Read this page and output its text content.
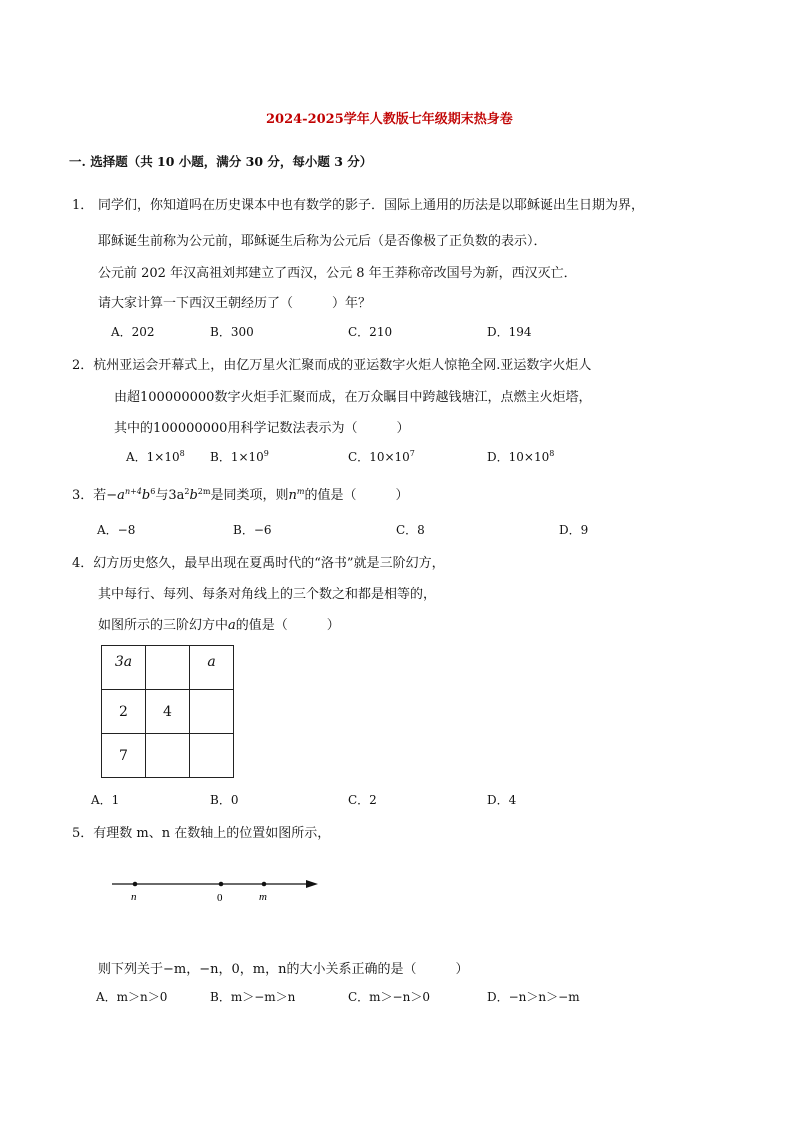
2024-2025学年人教版七年级期末热身卷
一. 选择题（共 10 小题，满分 30 分，每小题 3 分）
1． 同学们，你知道吗在历史课本中也有数学的影子．国际上通用的历法是以耶稣诞出生日期为界，
耶稣诞生前称为公元前，耶稣诞生后称为公元后（是否像极了正负数的表示）．
公元前 202 年汉高祖刘邦建立了西汉，公元 8 年王莽称帝改国号为新，西汉灭亡．
请大家计算一下西汉王朝经历了（　　　）年？
A．202	B．300	C．210	D．194
2．杭州亚运会开幕式上，由亿万星火汇聚而成的亚运数字火炬人惊艳全网.亚运数字火炬人
由超100000000数字火炬手汇聚而成，在万众瞩目中跨越钱塘江，点燃主火炬塔，
其中的100000000用科学记数法表示为（　　　）
A．$1\times 10^8$ B．$1\times 10^9$	C．$10\times 10^7$	D．$10\times 10^8$
3．若$-a^{n+4}b^6$与$3a^2b^{2m}$是同类项，则$n^m$的值是（　　　）
A．−8	B．−6	C．8	D．9
4．幻方历史悠久，最早出现在夏禹时代的“洛书”就是三阶幻方，
其中每行、每列、每条对角线上的三个数之和都是相等的，
如图所示的三阶幻方中a的值是（　　　）
3a		a
2	4	
7		
A．1	B．0	C．2	D．4
5．有理数 m、n 在数轴上的位置如图所示，
n	0	m
则下列关于−m，−n，0，m，n的大小关系正确的是（　　　）
A．m＞n＞0	B．m＞−m＞n	C．m＞−n＞0	D．−n＞n＞−m
